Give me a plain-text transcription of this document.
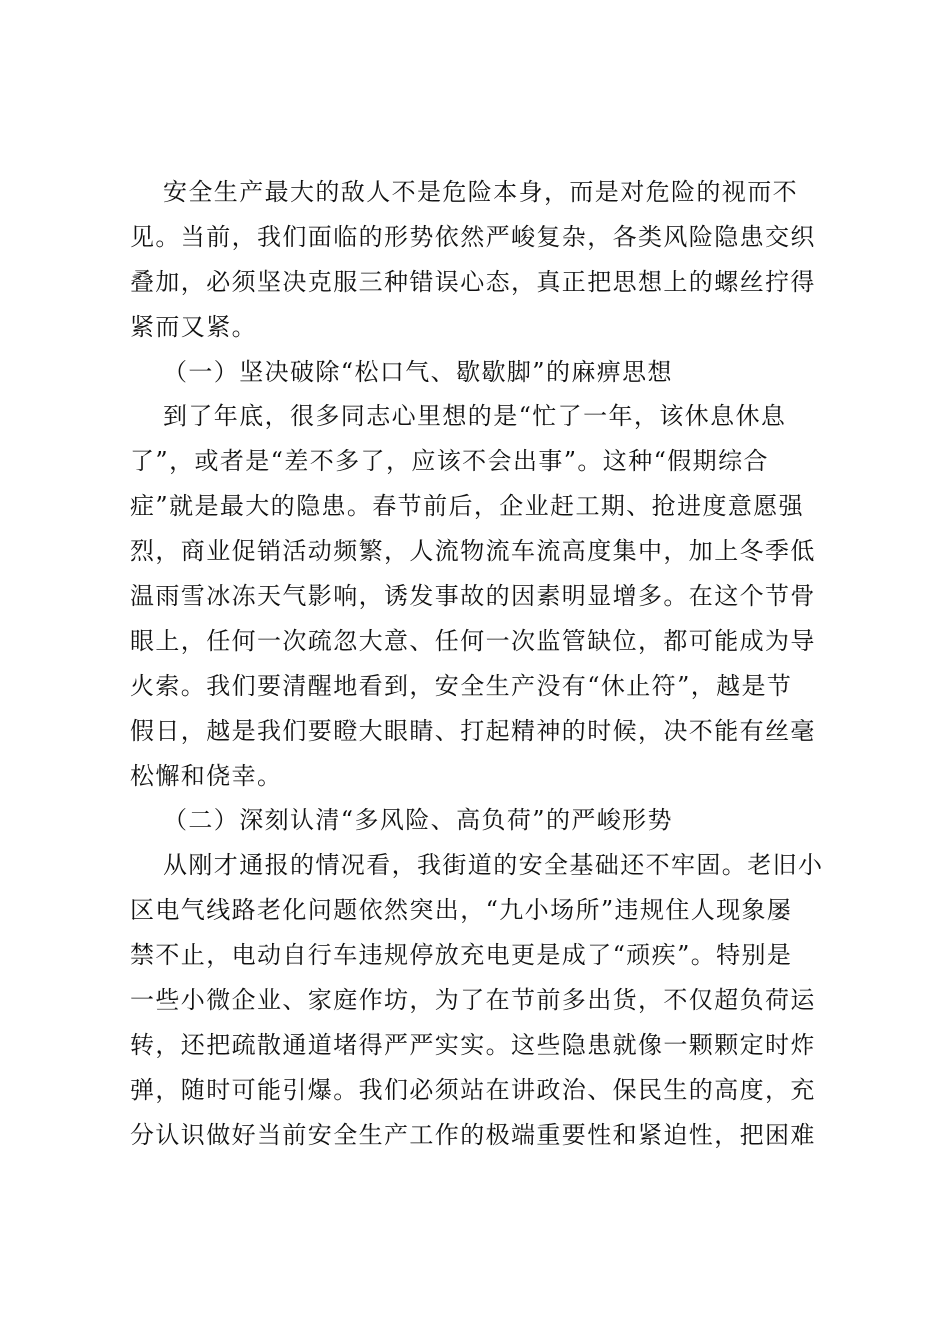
安全生产最大的敌人不是危险本身，而是对危险的视而不
见。当前，我们面临的形势依然严峻复杂，各类风险隐患交织
叠加，必须坚决克服三种错误心态，真正把思想上的螺丝拧得
紧而又紧。
（一）坚决破除“松口气、歇歇脚”的麻痹思想
到了年底，很多同志心里想的是“忙了一年，该休息休息
了”，或者是“差不多了，应该不会出事”。这种“假期综合
症”就是最大的隐患。春节前后，企业赶工期、抢进度意愿强
烈，商业促销活动频繁，人流物流车流高度集中，加上冬季低
温雨雪冰冻天气影响，诱发事故的因素明显增多。在这个节骨
眼上，任何一次疏忽大意、任何一次监管缺位，都可能成为导
火索。我们要清醒地看到，安全生产没有“休止符”，越是节
假日，越是我们要瞪大眼睛、打起精神的时候，决不能有丝毫
松懈和侥幸。
（二）深刻认清“多风险、高负荷”的严峻形势
从刚才通报的情况看，我街道的安全基础还不牢固。老旧小
区电气线路老化问题依然突出，“九小场所”违规住人现象屡
禁不止，电动自行车违规停放充电更是成了“顽疾”。特别是
一些小微企业、家庭作坊，为了在节前多出货，不仅超负荷运
转，还把疏散通道堵得严严实实。这些隐患就像一颗颗定时炸
弹，随时可能引爆。我们必须站在讲政治、保民生的高度，充
分认识做好当前安全生产工作的极端重要性和紧迫性，把困难
